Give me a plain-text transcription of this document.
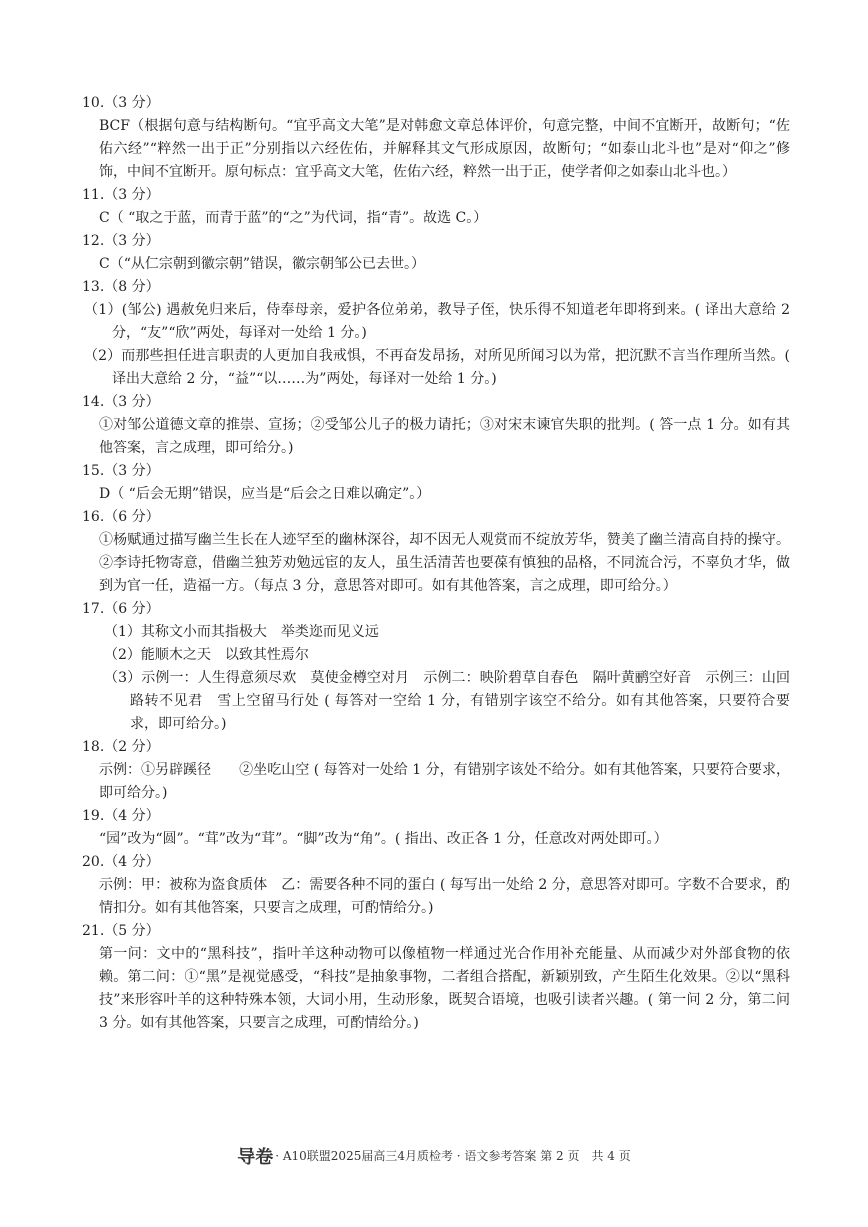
10.（3 分）
BCF（根据句意与结构断句。“宜乎高文大笔”是对韩愈文章总体评价，句意完整，中间不宜断开，故断句；“佐佑六经”“粹然一出于正”分别指以六经佐佑，并解释其文气形成原因，故断句；“如泰山北斗也”是对“仰之”修饰，中间不宜断开。原句标点：宜乎高文大笔，佐佑六经，粹然一出于正，使学者仰之如泰山北斗也。）
11.（3 分）
C（ “取之于蓝，而青于蓝”的“之”为代词，指“青”。故选 C。）
12.（3 分）
C（“从仁宗朝到徽宗朝”错误，徽宗朝邹公已去世。）
13.（8 分）
（1）(邹公) 遇赦免归来后，侍奉母亲，爱护各位弟弟，教导子侄，快乐得不知道老年即将到来。( 译出大意给 2 分，“友”“欣”两处，每译对一处给 1 分。)
（2）而那些担任进言职责的人更加自我戒惧，不再奋发昂扬，对所见所闻习以为常，把沉默不言当作理所当然。( 译出大意给 2 分，“益”“以……为”两处，每译对一处给 1 分。)
14.（3 分）
①对邹公道德文章的推崇、宣扬；②受邹公儿子的极力请托；③对宋末谏官失职的批判。( 答一点 1 分。如有其他答案，言之成理，即可给分。)
15.（3 分）
D（ “后会无期”错误，应当是“后会之日难以确定”。）
16.（6 分）
①杨赋通过描写幽兰生长在人迹罕至的幽林深谷，却不因无人观赏而不绽放芳华，赞美了幽兰清高自持的操守。②李诗托物寄意，借幽兰独芳劝勉远宦的友人，虽生活清苦也要葆有慎独的品格，不同流合污，不辜负才华，做到为官一任，造福一方。（每点 3 分，意思答对即可。如有其他答案，言之成理，即可给分。）
17.（6 分）
（1）其称文小而其指极大　举类迩而见义远
（2）能顺木之天　以致其性焉尔
（3）示例一：人生得意须尽欢　莫使金樽空对月　示例二：映阶碧草自春色　隔叶黄鹂空好音　示例三：山回路转不见君　雪上空留马行处 ( 每答对一空给 1 分，有错别字该空不给分。如有其他答案，只要符合要求，即可给分。)
18.（2 分）
示例：①另辟蹊径　　②坐吃山空 ( 每答对一处给 1 分，有错别字该处不给分。如有其他答案，只要符合要求，即可给分。)
19.（4 分）
“园”改为“圆”。“茸”改为“茸”。“脚”改为“角”。( 指出、改正各 1 分，任意改对两处即可。）
20.（4 分）
示例：甲：被称为盗食质体　乙：需要各种不同的蛋白 ( 每写出一处给 2 分，意思答对即可。字数不合要求，酌情扣分。如有其他答案，只要言之成理，可酌情给分。)
21.（5 分）
第一问：文中的“黑科技”，指叶羊这种动物可以像植物一样通过光合作用补充能量、从而减少对外部食物的依赖。第二问：①“黑”是视觉感受，“科技”是抽象事物，二者组合搭配，新颖别致，产生陌生化效果。②以“黑科技”来形容叶羊的这种特殊本领，大词小用，生动形象，既契合语境，也吸引读者兴趣。( 第一问 2 分，第二问 3 分。如有其他答案，只要言之成理，可酌情给分。)
导卷 · A10联盟2025届高三4月质检考 · 语文参考答案 第 2 页　共 4 页
